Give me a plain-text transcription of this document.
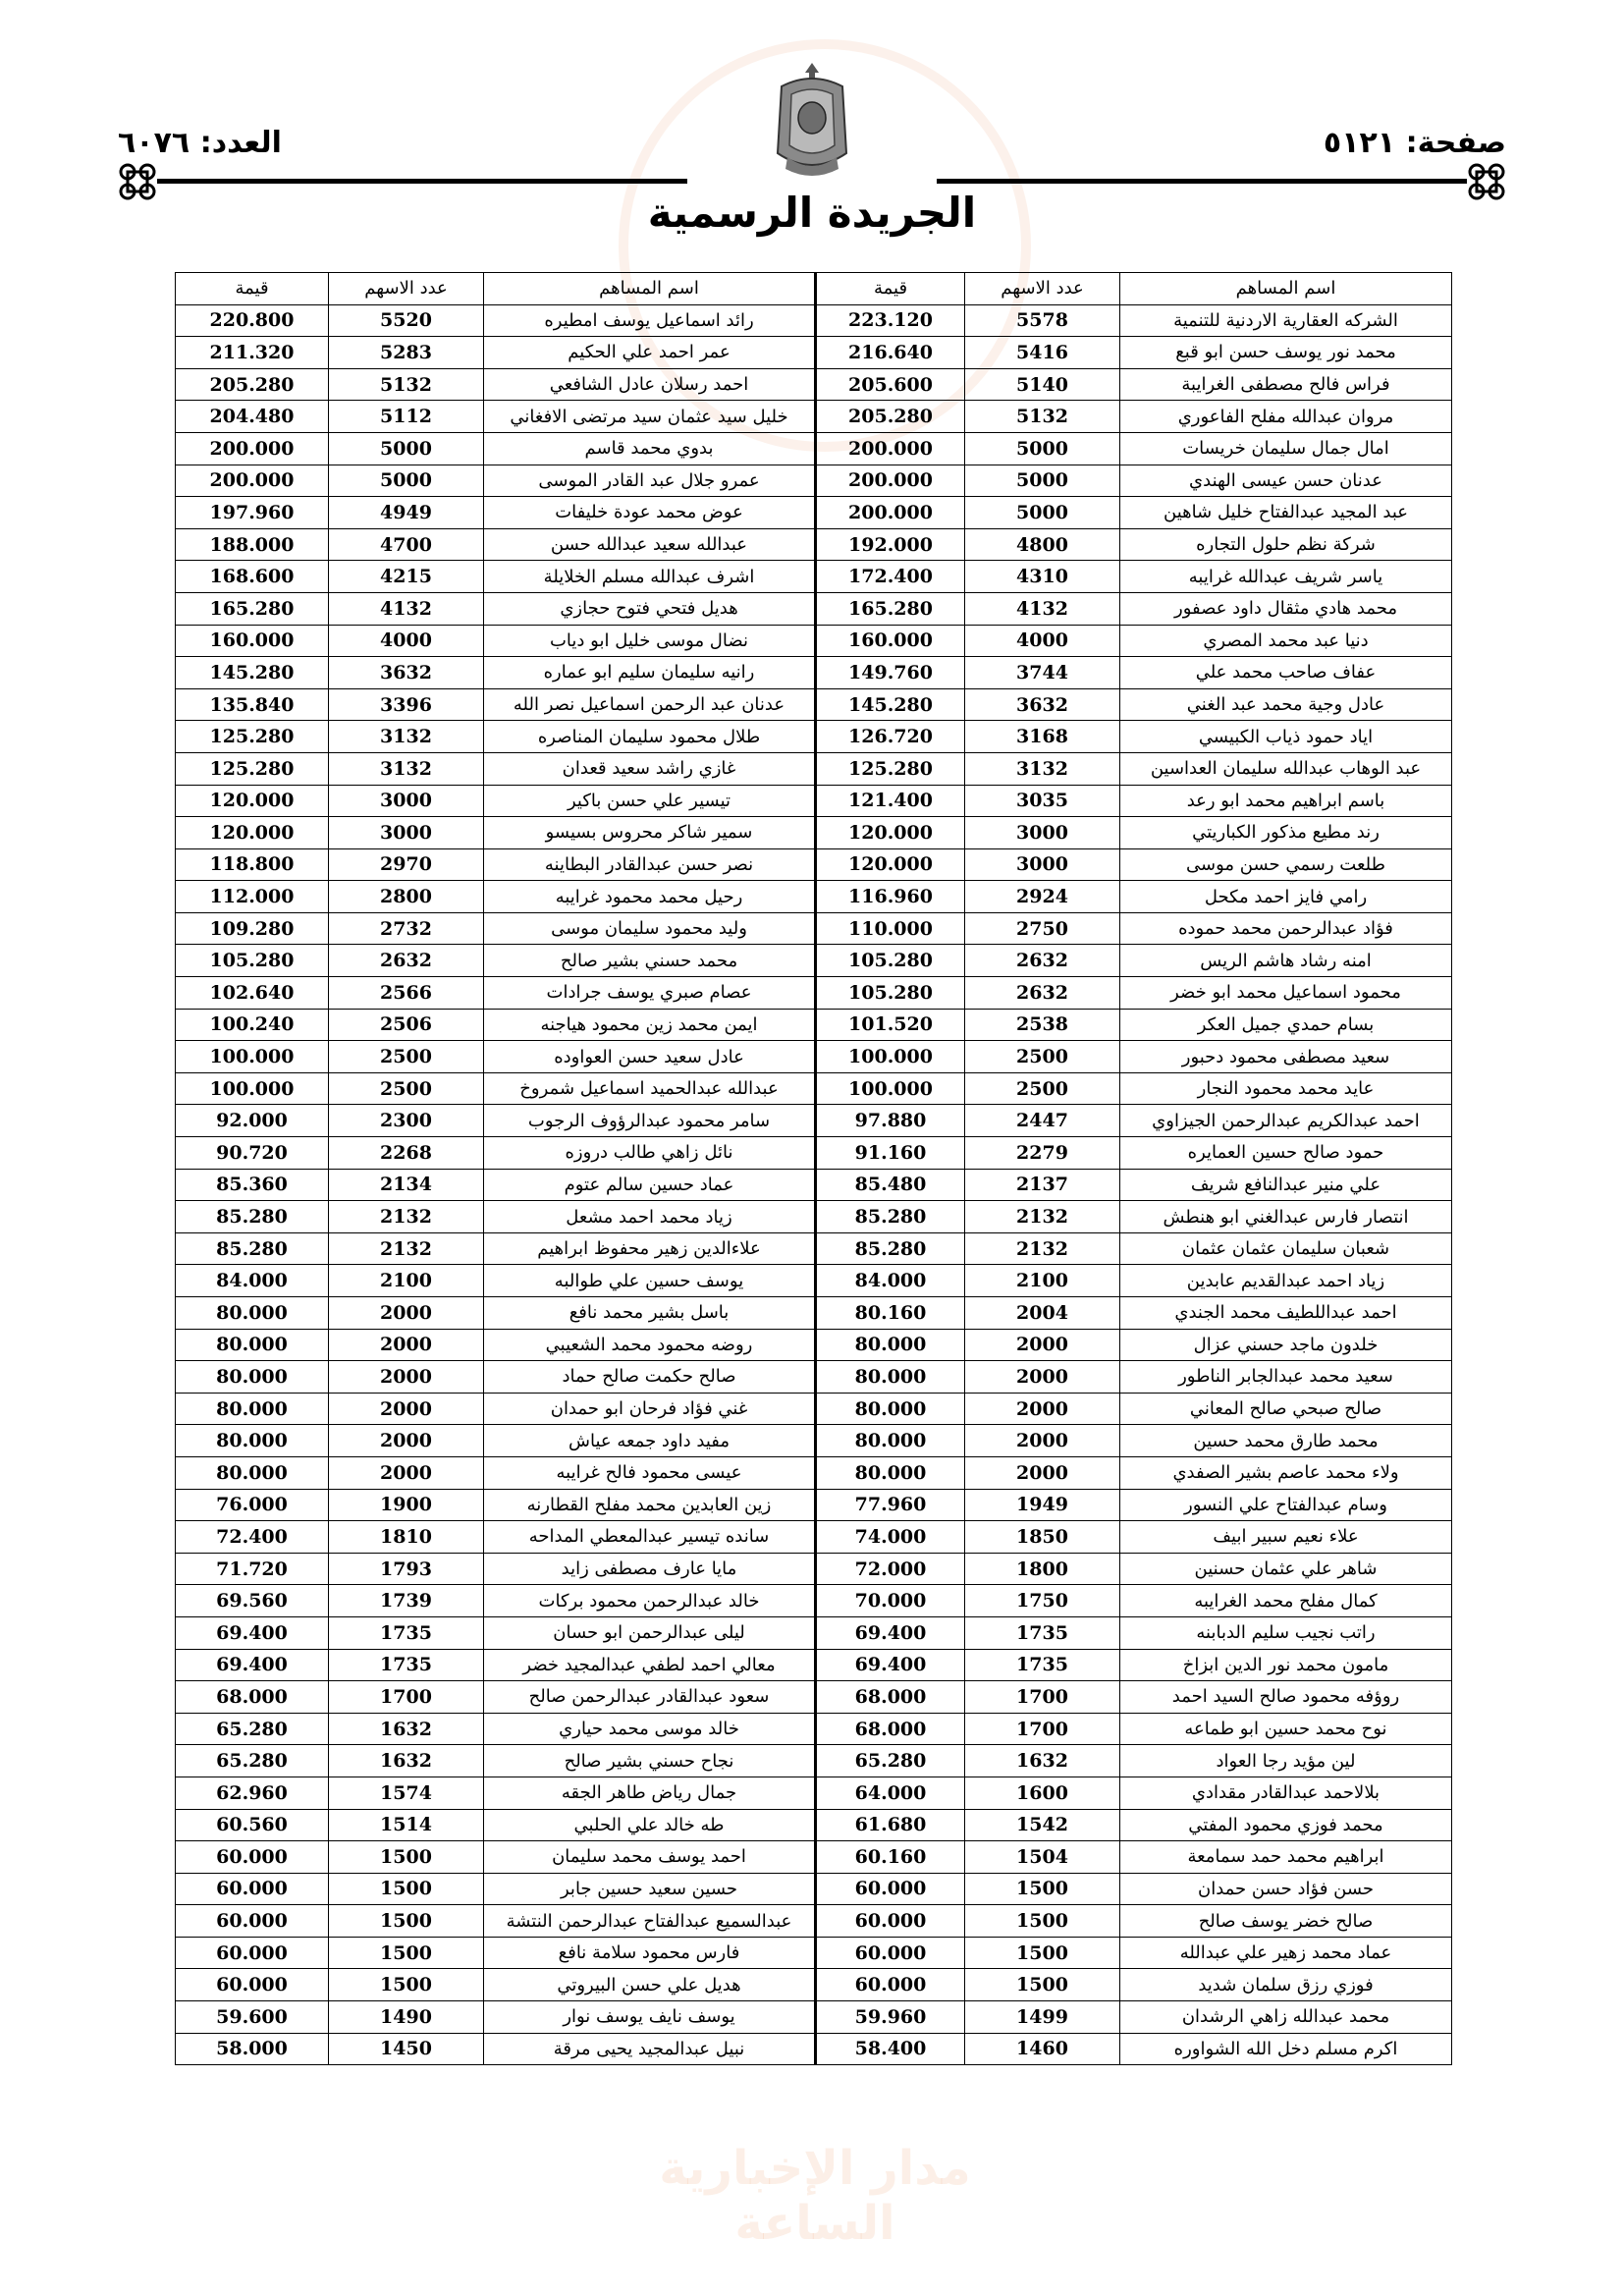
صفحة: ٥١٢١
العدد: ٦٠٧٦
الجريدة الرسمية
مدار الإخبارية الساعة
اسم المساهم	عدد الاسهم	قيمة	اسم المساهم	عدد الاسهم	قيمة
الشركه العقارية الاردنية للتنمية	5578	223.120	رائد اسماعيل يوسف امطيره	5520	220.800
محمد نور يوسف حسن ابو قبع	5416	216.640	عمر احمد علي الحكيم	5283	211.320
فراس فالح مصطفى الغرايبة	5140	205.600	احمد رسلان عادل الشافعي	5132	205.280
مروان عبدالله مفلح الفاعوري	5132	205.280	خليل سيد عثمان سيد مرتضى الافغاني	5112	204.480
امال جمال سليمان خريسات	5000	200.000	بدوي محمد قاسم	5000	200.000
عدنان حسن عيسى الهندي	5000	200.000	عمرو جلال عبد القادر الموسى	5000	200.000
عبد المجيد عبدالفتاح خليل شاهين	5000	200.000	عوض محمد عودة خليفات	4949	197.960
شركة نظم حلول التجاره	4800	192.000	عبدالله سعيد عبدالله حسن	4700	188.000
ياسر شريف عبدالله غرايبه	4310	172.400	اشرف عبدالله مسلم الخلايلة	4215	168.600
محمد هادي مثقال داود عصفور	4132	165.280	هديل فتحي فتوح حجازي	4132	165.280
دنيا عبد محمد المصري	4000	160.000	نضال موسى خليل ابو دياب	4000	160.000
عفاف صاحب محمد علي	3744	149.760	رانيه سليمان سليم ابو عماره	3632	145.280
عادل وجية محمد عبد الغني	3632	145.280	عدنان عبد الرحمن اسماعيل نصر الله	3396	135.840
اياد حمود ذياب الكبيسي	3168	126.720	طلال محمود سليمان المناصره	3132	125.280
عبد الوهاب عبدالله سليمان العداسين	3132	125.280	غازي راشد سعيد قعدان	3132	125.280
باسم ابراهيم محمد ابو رعد	3035	121.400	تيسير علي حسن باكير	3000	120.000
رند مطيع مذكور الكباريتي	3000	120.000	سمير شاكر محروس بسيسو	3000	120.000
طلعت رسمي حسن موسى	3000	120.000	نصر حسن عبدالقادر البطاينه	2970	118.800
رامي فايز احمد مكحل	2924	116.960	رحيل محمد محمود غرايبه	2800	112.000
فؤاد عبدالرحمن محمد حموده	2750	110.000	وليد محمود سليمان موسى	2732	109.280
امنه رشاد هاشم الريس	2632	105.280	محمد حسني بشير صالح	2632	105.280
محمود اسماعيل محمد ابو خضر	2632	105.280	عصام صبري يوسف جرادات	2566	102.640
بسام حمدي جميل العكر	2538	101.520	ايمن محمد زين محمود هياجنه	2506	100.240
سعيد مصطفى محمود دحبور	2500	100.000	عادل سعيد حسن العواوده	2500	100.000
عايد محمد محمود النجار	2500	100.000	عبدالله عبدالحميد اسماعيل شمروخ	2500	100.000
احمد عبدالكريم عبدالرحمن الجيزاوي	2447	97.880	سامر محمود عبدالرؤوف الرجوب	2300	92.000
حمود صالح حسين العمايره	2279	91.160	نائل زاهي طالب دروزه	2268	90.720
علي منير عبدالنافع شريف	2137	85.480	عماد حسين سالم عتوم	2134	85.360
انتصار فارس عبدالغني ابو هنطش	2132	85.280	زياد محمد احمد مشعل	2132	85.280
شعبان سليمان عثمان عثمان	2132	85.280	علاءالدين زهير محفوظ ابراهيم	2132	85.280
زياد احمد عبدالقديم عابدين	2100	84.000	يوسف حسين علي طوالبه	2100	84.000
احمد عبداللطيف محمد الجندي	2004	80.160	باسل بشير محمد نافع	2000	80.000
خلدون ماجد حسني عزال	2000	80.000	روضه محمود محمد الشعيبي	2000	80.000
سعيد محمد عبدالجابر الناطور	2000	80.000	صالح حكمت صالح حماد	2000	80.000
صالح صبحي صالح المعاني	2000	80.000	غني فؤاد فرحان ابو حمدان	2000	80.000
محمد طارق محمد حسين	2000	80.000	مفيد داود جمعه عياش	2000	80.000
ولاء محمد عاصم بشير الصفدي	2000	80.000	عيسى محمود فالح غرايبه	2000	80.000
وسام عبدالفتاح علي النسور	1949	77.960	زين العابدين محمد مفلح القطارنه	1900	76.000
علاء نعيم سبير ابيف	1850	74.000	سانده تيسير عبدالمعطي المداحه	1810	72.400
شاهر علي عثمان حسنين	1800	72.000	مايا عارف مصطفى زايد	1793	71.720
كمال مفلح محمد الغرايبه	1750	70.000	خالد عبدالرحمن محمود بركات	1739	69.560
راتب نجيب سليم الدبابنه	1735	69.400	ليلى عبدالرحمن ابو حسان	1735	69.400
مامون محمد نور الدين ابزاخ	1735	69.400	معالي احمد لطفي عبدالمجيد خضر	1735	69.400
روؤفه محمود صالح السيد احمد	1700	68.000	سعود عبدالقادر عبدالرحمن صالح	1700	68.000
نوح محمد حسين ابو طماعه	1700	68.000	خالد موسى محمد حياري	1632	65.280
لين مؤيد رجا العواد	1632	65.280	نجاح حسني بشير صالح	1632	65.280
بلالاحمد عبدالقادر مقدادي	1600	64.000	جمال رياض طاهر الجقه	1574	62.960
محمد فوزي محمود المفتي	1542	61.680	طه خالد علي الحلبي	1514	60.560
ابراهيم محمد حمد سمامعة	1504	60.160	احمد يوسف محمد سليمان	1500	60.000
حسن فؤاد حسن حمدان	1500	60.000	حسين سعيد حسين جابر	1500	60.000
صالح خضر يوسف صالح	1500	60.000	عبدالسميع عبدالفتاح عبدالرحمن النتشة	1500	60.000
عماد محمد زهير علي عبدالله	1500	60.000	فارس محمود سلامة نافع	1500	60.000
فوزي رزق سلمان شديد	1500	60.000	هديل علي حسن البيروتي	1500	60.000
محمد عبدالله زاهي الرشدان	1499	59.960	يوسف نايف يوسف نوار	1490	59.600
اكرم مسلم دخل الله الشواوره	1460	58.400	نبيل عبدالمجيد يحيى مرقة	1450	58.000
